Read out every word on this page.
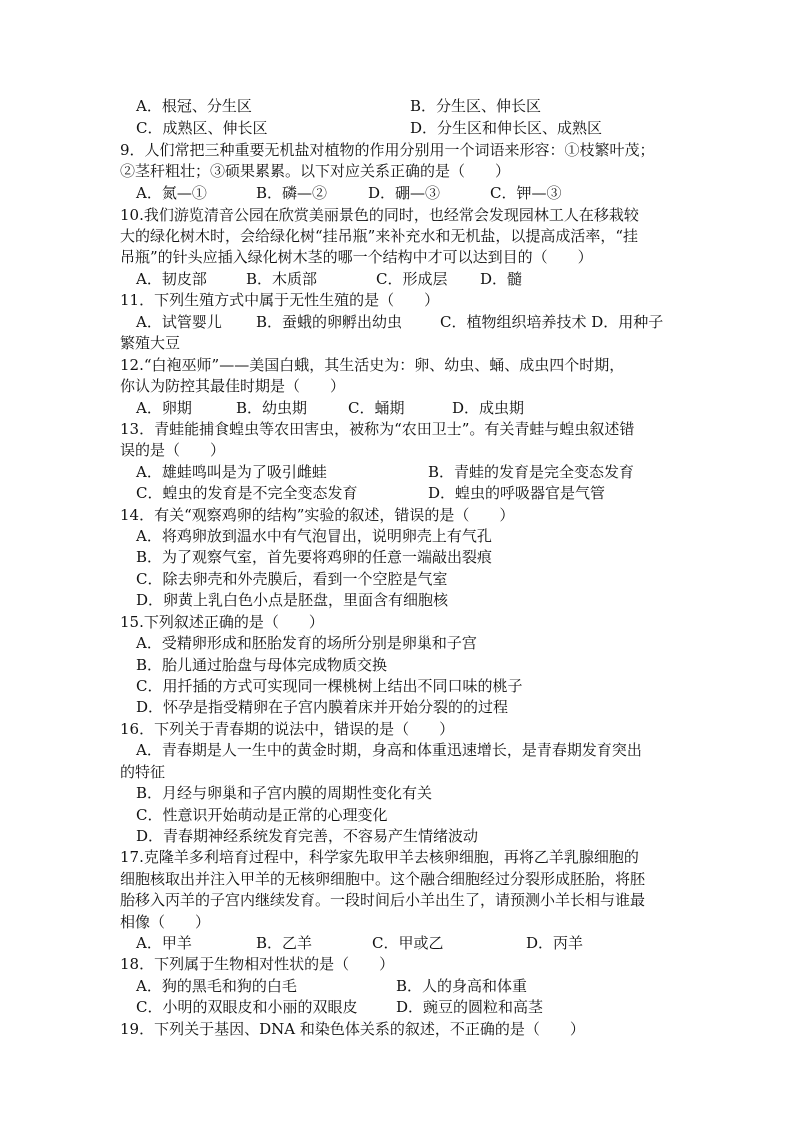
A．根冠、分生区	B．分生区、伸长区
C．成熟区、伸长区	D．分生区和伸长区、成熟区
9．人们常把三种重要无机盐对植物的作用分别用一个词语来形容：①枝繁叶茂；
②茎秆粗壮；③硕果累累。以下对应关系正确的是（　　）
A．氮—①	B．磷—②	D．硼—③	C．钾—③
10.我们游览清音公园在欣赏美丽景色的同时，也经常会发现园林工人在移栽较
大的绿化树木时，会给绿化树“挂吊瓶”来补充水和无机盐，以提高成活率，“挂
吊瓶”的针头应插入绿化树木茎的哪一个结构中才可以达到目的（　　）
A．韧皮部	B．木质部	C．形成层 D．髓
11．下列生殖方式中属于无性生殖的是（　　）
A．试管婴儿 B．蚕蛾的卵孵出幼虫	C．植物组织培养技术 D．用种子
繁殖大豆
12.“白袍巫师”——美国白蛾，其生活史为：卵、幼虫、蛹、成虫四个时期，
你认为防控其最佳时期是（　　）
A．卵期	B．幼虫期	C．蛹期	D．成虫期
13．青蛙能捕食蝗虫等农田害虫，被称为“农田卫士”。有关青蛙与蝗虫叙述错
误的是（　　）
A．雄蛙鸣叫是为了吸引雌蛙	B．青蛙的发育是完全变态发育
C．蝗虫的发育是不完全变态发育	D．蝗虫的呼吸器官是气管
14．有关“观察鸡卵的结构”实验的叙述，错误的是（　　）
A．将鸡卵放到温水中有气泡冒出，说明卵壳上有气孔
B．为了观察气室，首先要将鸡卵的任意一端敲出裂痕
C．除去卵壳和外壳膜后，看到一个空腔是气室
D．卵黄上乳白色小点是胚盘，里面含有细胞核
15.下列叙述正确的是（　　）
A．受精卵形成和胚胎发育的场所分别是卵巢和子宫
B．胎儿通过胎盘与母体完成物质交换
C．用扦插的方式可实现同一棵桃树上结出不同口味的桃子
D．怀孕是指受精卵在子宫内膜着床并开始分裂的的过程
16．下列关于青春期的说法中，错误的是（　　）
A．青春期是人一生中的黄金时期，身高和体重迅速增长，是青春期发育突出
的特征
B．月经与卵巢和子宫内膜的周期性变化有关
C．性意识开始萌动是正常的心理变化
D．青春期神经系统发育完善，不容易产生情绪波动
17.克隆羊多利培育过程中，科学家先取甲羊去核卵细胞，再将乙羊乳腺细胞的
细胞核取出并注入甲羊的无核卵细胞中。这个融合细胞经过分裂形成胚胎，将胚
胎移入丙羊的子宫内继续发育。一段时间后小羊出生了，请预测小羊长相与谁最
相像（　　）
A．甲羊	B．乙羊	C．甲或乙	D．丙羊
18．下列属于生物相对性状的是（　　）
A．狗的黑毛和狗的白毛	B．人的身高和体重
C．小明的双眼皮和小丽的双眼皮	D．豌豆的圆粒和高茎
19．下列关于基因、DNA 和染色体关系的叙述，不正确的是（　　）
